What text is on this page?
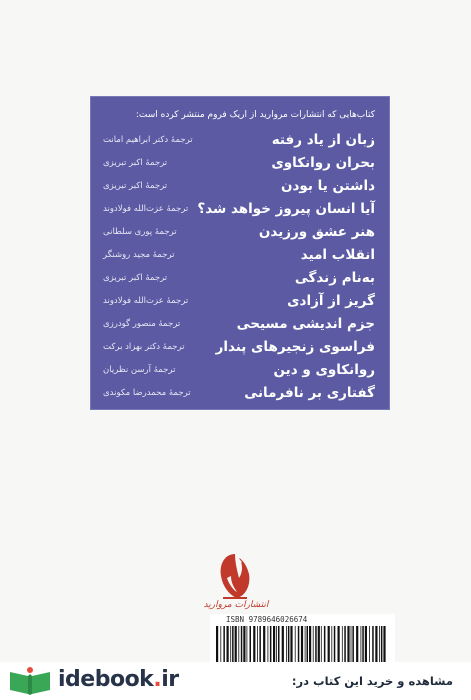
کتاب‌هایی که انتشارات مروارید از اریک فروم منتشر کرده است:
زبان از یاد رفته
ترجمهٔ دکتر ابراهیم امانت
بحران روانکاوی
ترجمهٔ اکبر تبریزی
داشتن یا بودن
ترجمهٔ اکبر تبریزی
آیا انسان پیروز خواهد شد؟
ترجمهٔ عزت‌الله فولادوند
هنر عشق ورزیدن
ترجمهٔ پوری سلطانی
انقلاب امید
ترجمهٔ مجید روشنگر
به‌نام زندگی
ترجمهٔ اکبر تبریزی
گریز از آزادی
ترجمهٔ عزت‌الله فولادوند
جزم اندیشی مسیحی
ترجمهٔ منصور گودرزی
فراسوی زنجیرهای پندار
ترجمهٔ دکتر بهزاد برکت
روانکاوی و دین
ترجمهٔ آرسن نظریان
گفتاری بر نافرمانی
ترجمهٔ محمدرضا مکوندی
انتشارات مروارید
ISBN 9789646026674
idebook.ir	مشاهده و خرید این کتاب در:
